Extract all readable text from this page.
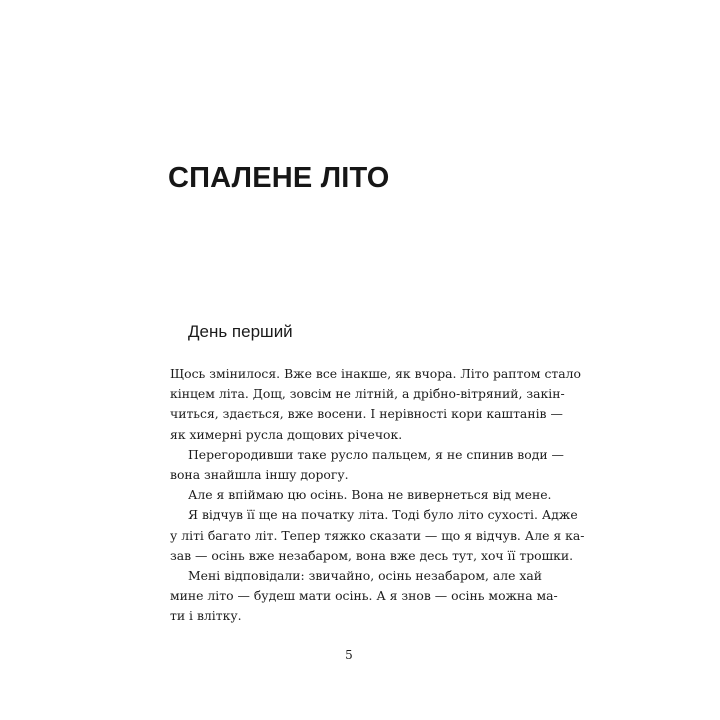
СПАЛЕНЕ ЛІТО
День перший
Щось змінилося. Вже все інакше, як вчора. Літо раптом стало
кінцем літа. Дощ, зовсім не літній, а дрібно-вітряний, закін-
читься, здається, вже восени. І нерівності кори каштанів —
як химерні русла дощових річечок.
Перегородивши таке русло пальцем, я не спинив води —
вона знайшла іншу дорогу.
Але я впіймаю цю осінь. Вона не вивернеться від мене.
Я відчув її ще на початку літа. Тоді було літо сухості. Адже
у літі багато літ. Тепер тяжко сказати — що я відчув. Але я ка-
зав — осінь вже незабаром, вона вже десь тут, хоч її трошки.
Мені відповідали: звичайно, осінь незабаром, але хай
мине літо — будеш мати осінь. А я знов — осінь можна ма-
ти і влітку.
5
